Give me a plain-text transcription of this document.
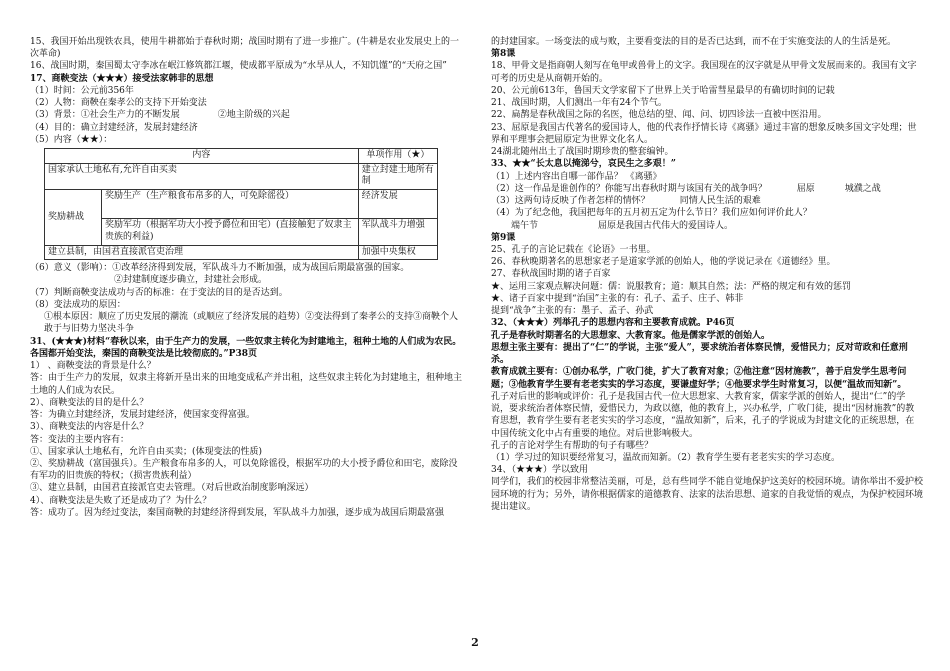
15、我国开始出现铁农具，使用牛耕都始于春秋时期；战国时期有了进一步推广。(牛耕是农业发展史上的一次革命)

16、战国时期，秦国蜀太守李冰在岷江修筑都江堰，使成都平原成为“水旱从人，不知饥馑”的“天府之国”

17、商鞅变法（★★★）接受法家韩非的思想

（1）时间：公元前356年

（2）人物：商鞅在秦孝公的支持下开始变法

（3）背景：①社会生产力的不断发展	②地主阶级的兴起

（4）目的：确立封建经济，发展封建经济

（5）内容（★★）：

内容		单项作用（★）
国家承认土地私有,允许自由买卖		建立封建土地所有制
奖励耕战	奖励生产（生产粮食布帛多的人，可免除徭役）	经济发展
	奖励军功（根据军功大小授予爵位和田宅）(直接触犯了奴隶主贵族的利益)	军队战斗力增强
建立县制，由国君直接派官吏治理		加强中央集权

（6）意义（影响）：①改革经济得到发展，军队战斗力不断加强，成为战国后期最富强的国家。

②封建制度逐步确立，封建社会形成。

（7）判断商鞅变法成功与否的标准：在于变法的目的是否达到。

（8）变法成功的原因：

①根本原因：顺应了历史发展的潮流（或顺应了经济发展的趋势）②变法得到了秦孝公的支持③商鞅个人敢于与旧势力坚决斗争

31、(★★★)材料“春秋以来，由于生产力的发展，一些奴隶主转化为封建地主，租种土地的人们成为农民。各国都开始变法，秦国的商鞅变法是比较彻底的。”P38页

1） 、商鞅变法的背景是什么？

答：由于生产力的发展，奴隶主将新开垦出来的田地变成私产并出租，这些奴隶主转化为封建地主，租种地主土地的人们成为农民。

2）、商鞅变法的目的是什么？

答：为确立封建经济，发展封建经济，使国家变得富强。

3）、商鞅变法的内容是什么？

答：变法的主要内容有：

①、国家承认土地私有，允许自由买卖；(体现变法的性质)

②、奖励耕战（富国强兵）。生产粮食布帛多的人，可以免除徭役，根据军功的大小授予爵位和田宅，废除没有军功的旧贵族的特权；（损害贵族利益）

③、建立县制，由国君直接派官吏去管理。（对后世政治制度影响深远）

4）、商鞅变法是失败了还是成功了？为什么？

答：成功了。因为经过变法，秦国商鞅的封建经济得到发展，军队战斗力加强，逐步成为战国后期最富强

的封建国家。一场变法的成与败，主要看变法的目的是否已达到，而不在于实施变法的人的生活是死。

第8课

18、甲骨文是指商朝人刻写在龟甲或兽骨上的文字。我国现在的汉字就是从甲骨文发展而来的。我国有文字可考的历史是从商朝开始的。

20、公元前613年，鲁国天文学家留下了世界上关于哈雷彗星最早的有确切时间的记载

21、战国时期，人们测出一年有24个节气。

22、扁鹊是春秋战国之际的名医，他总结的望、闻、问、切四诊法一直被中医沿用。

23、屈原是我国古代著名的爱国诗人，他的代表作抒情长诗《离骚》通过丰富的想象反映多国文字处理；世界和平理事会把屈原定为世界文化名人。

24湖北随州出土了战国时期珍贵的整套编钟。

33、★★“长太息以掩涕兮，哀民生之多艰！”

（1）上述内容出自哪一部作品？ 《离骚》

（2）这一作品是谁创作的？你能写出春秋时期与该国有关的战争吗？	屈原	城濮之战

（3）这两句诗反映了作者怎样的情怀？	同情人民生活的艰难

（4）为了纪念他，我国把每年的五月初五定为什么节日？我们应如何评价此人？

端午节	屈原是我国古代伟大的爱国诗人。

第9课

25、孔子的言论记载在《论语》一书里。

26、春秋晚期著名的思想家老子是道家学派的创始人，他的学说记录在《道德经》里。

27、春秋战国时期的诸子百家

★、运用三家观点解决问题：儒：说服教育；道：顺其自然；法：严格的规定和有效的惩罚

★、诸子百家中提到“治国”主张的有：孔子、孟子、庄子、韩非

提到“战争”主张的有：墨子、孟子、孙武

32、（★★★）列举孔子的思想内容和主要教育成就。P46页

孔子是春秋时期著名的大思想家、大教育家。他是儒家学派的创始人。

思想主张主要有：提出了“仁”的学说，主张“爱人”，要求统治者体察民情，爱惜民力；反对苛政和任意刑杀。

教育成就主要有：①创办私学，广收门徒，扩大了教育对象；②他注意“因材施教”，善于启发学生思考问题；③他教育学生要有老老实实的学习态度，要谦虚好学；④他要求学生时常复习，以便“温故而知新”。

孔子对后世的影响或评价：孔子是我国古代一位大思想家、大教育家，儒家学派的创始人，提出“仁”的学说，要求统治者体察民情，爱惜民力，为政以德，他的教育上，兴办私学，广收门徒，提出“因材施教”的教育思想，教育学生要有老老实实的学习态度，“温故知新”，后来，孔子的学说成为封建文化的正统思想，在中国传统文化中占有重要的地位。对后世影响极大。

孔子的言论对学生有帮助的句子有哪些？

（1）学习过的知识要经常复习，温故而知新。（2）教育学生要有老老实实的学习态度。

34、（★★★）学以致用

同学们，我们的校园非常整洁美丽，可是，总有些同学不能自觉地保护这美好的校园环境。请你举出不爱护校园环境的行为；另外，请你根据儒家的道德教育、法家的法治思想、道家的自我觉悟的观点，为保护校园环境提出建议。

2
